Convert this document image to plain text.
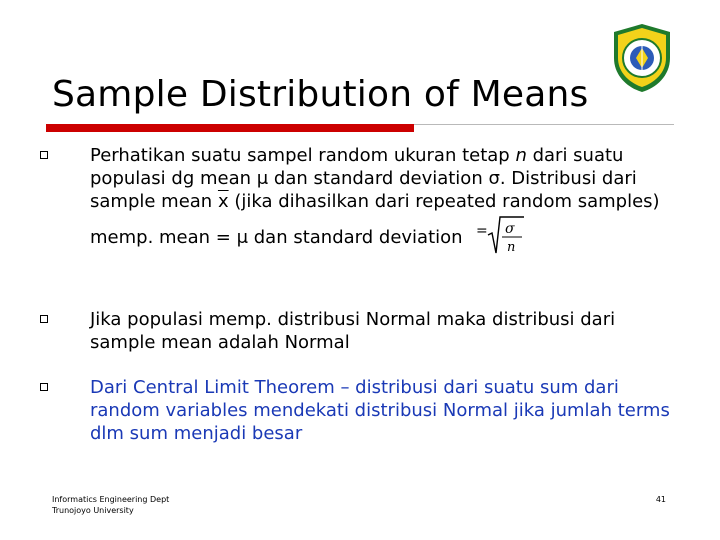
Sample Distribution of Means
Perhatikan suatu sampel random ukuran tetap n dari suatu populasi dg mean μ dan standard deviation σ. Distribusi dari sample mean $\overline{x}$ (jika dihasilkan dari repeated random samples) memp. mean = μ dan standard deviation = σ
n
Jika populasi memp. distribusi Normal maka distribusi dari sample mean adalah Normal
Dari Central Limit Theorem – distribusi dari suatu sum dari random variables mendekati distribusi Normal jika jumlah terms dlm sum menjadi besar
Informatics Engineering Dept
Trunojoyo University
41
